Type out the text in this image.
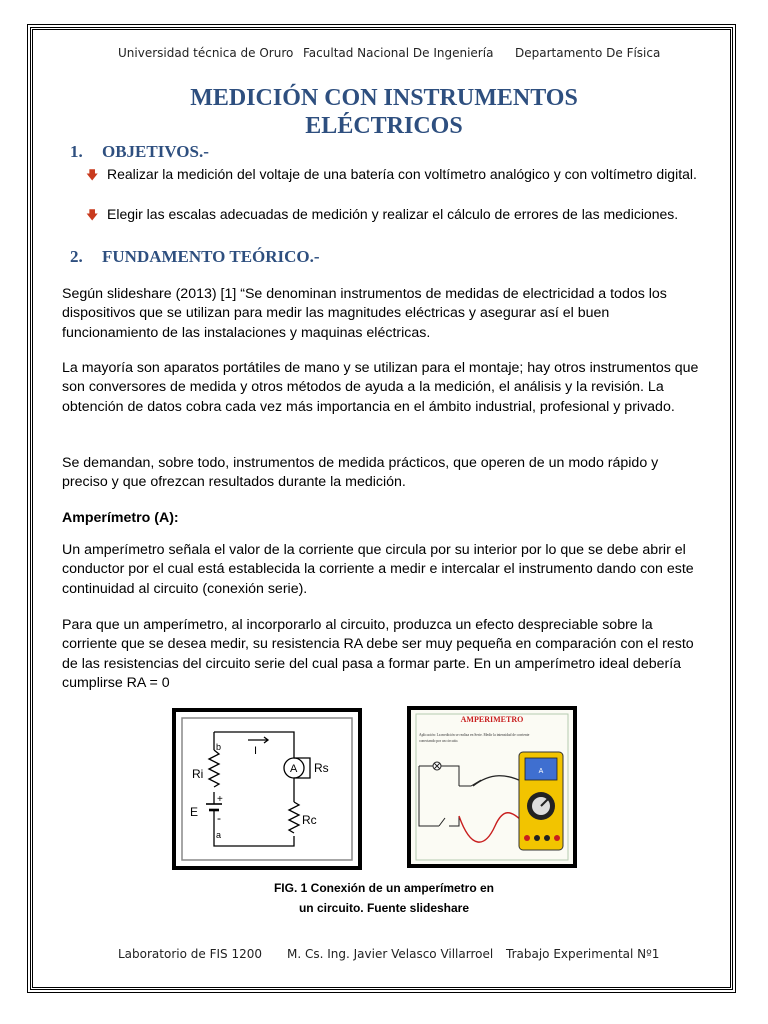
Universidad técnica de Oruro Facultad Nacional De Ingeniería Departamento De Física
MEDICIÓN CON INSTRUMENTOS
ELÉCTRICOS
1. OBJETIVOS.-
🡇 Realizar la medición del voltaje de una batería con voltímetro analógico y con voltímetro digital.
🡇 Elegir las escalas adecuadas de medición y realizar el cálculo de errores de las mediciones.
2. FUNDAMENTO TEÓRICO.-
Según slideshare (2013) [1] “Se denominan instrumentos de medidas de electricidad a todos los dispositivos que se utilizan para medir las magnitudes eléctricas y asegurar así el buen funcionamiento de las instalaciones y maquinas eléctricas.
La mayoría son aparatos portátiles de mano y se utilizan para el montaje; hay otros instrumentos que son conversores de medida y otros métodos de ayuda a la medición, el análisis y la revisión. La obtención de datos cobra cada vez más importancia en el ámbito industrial, profesional y privado.
Se demandan, sobre todo, instrumentos de medida prácticos, que operen de un modo rápido y preciso y que ofrezcan resultados durante la medición.
Amperímetro (A):
Un amperímetro señala el valor de la corriente que circula por su interior por lo que se debe abrir el conductor por el cual está establecida la corriente a medir e intercalar el instrumento dando con este continuidad al circuito (conexión serie).
Para que un amperímetro, al incorporarlo al circuito, produzca un efecto despreciable sobre la corriente que se desea medir, su resistencia RA debe ser muy pequeña en comparación con el resto de las resistencias del circuito serie del cual pasa a formar parte. En un amperímetro ideal debería cumplirse RA = 0
b	I
Ri
+
E -
a
A Rs
Rc
AMPERIMETRO
Aplicación: La medición se realiza en Serie. Medir la intensidad de corriente
conectando por un circuito.
A
FIG. 1 Conexión de un amperímetro en
un circuito. Fuente slideshare
Laboratorio de FIS 1200 M. Cs. Ing. Javier Velasco Villarroel Trabajo Experimental Nº1
